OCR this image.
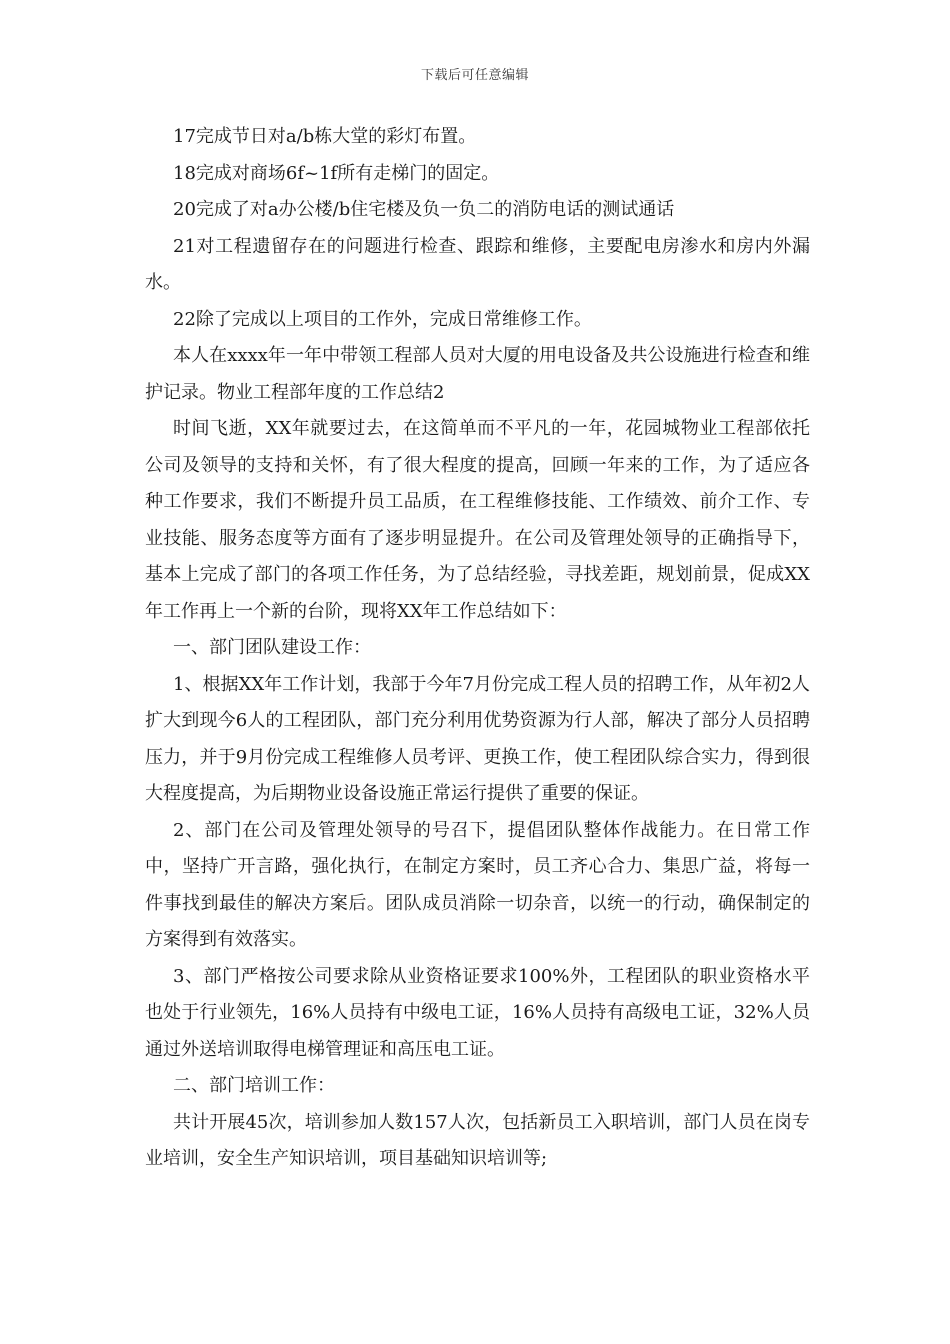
下载后可任意编辑

17完成节日对a/b栋大堂的彩灯布置。

18完成对商场6f~1f所有走梯门的固定。

20完成了对a办公楼/b住宅楼及负一负二的消防电话的测试通话

21对工程遗留存在的问题进行检查、跟踪和维修，主要配电房渗水和房内外漏水。

22除了完成以上项目的工作外，完成日常维修工作。

本人在xxxx年一年中带领工程部人员对大厦的用电设备及共公设施进行检查和维护记录。物业工程部年度的工作总结2

时间飞逝，XX年就要过去，在这简单而不平凡的一年，花园城物业工程部依托公司及领导的支持和关怀，有了很大程度的提高，回顾一年来的工作，为了适应各种工作要求，我们不断提升员工品质，在工程维修技能、工作绩效、前介工作、专业技能、服务态度等方面有了逐步明显提升。在公司及管理处领导的正确指导下，基本上完成了部门的各项工作任务，为了总结经验，寻找差距，规划前景，促成XX年工作再上一个新的台阶，现将XX年工作总结如下：

一、部门团队建设工作：

1、根据XX年工作计划，我部于今年7月份完成工程人员的招聘工作，从年初2人扩大到现今6人的工程团队，部门充分利用优势资源为行人部，解决了部分人员招聘压力，并于9月份完成工程维修人员考评、更换工作，使工程团队综合实力，得到很大程度提高，为后期物业设备设施正常运行提供了重要的保证。

2、部门在公司及管理处领导的号召下，提倡团队整体作战能力。在日常工作中，坚持广开言路，强化执行，在制定方案时，员工齐心合力、集思广益，将每一件事找到最佳的解决方案后。团队成员消除一切杂音，以统一的行动，确保制定的方案得到有效落实。

3、部门严格按公司要求除从业资格证要求100%外，工程团队的职业资格水平也处于行业领先，16%人员持有中级电工证，16%人员持有高级电工证，32%人员通过外送培训取得电梯管理证和高压电工证。

二、部门培训工作：

共计开展45次，培训参加人数157人次，包括新员工入职培训，部门人员在岗专业培训，安全生产知识培训，项目基础知识培训等;
